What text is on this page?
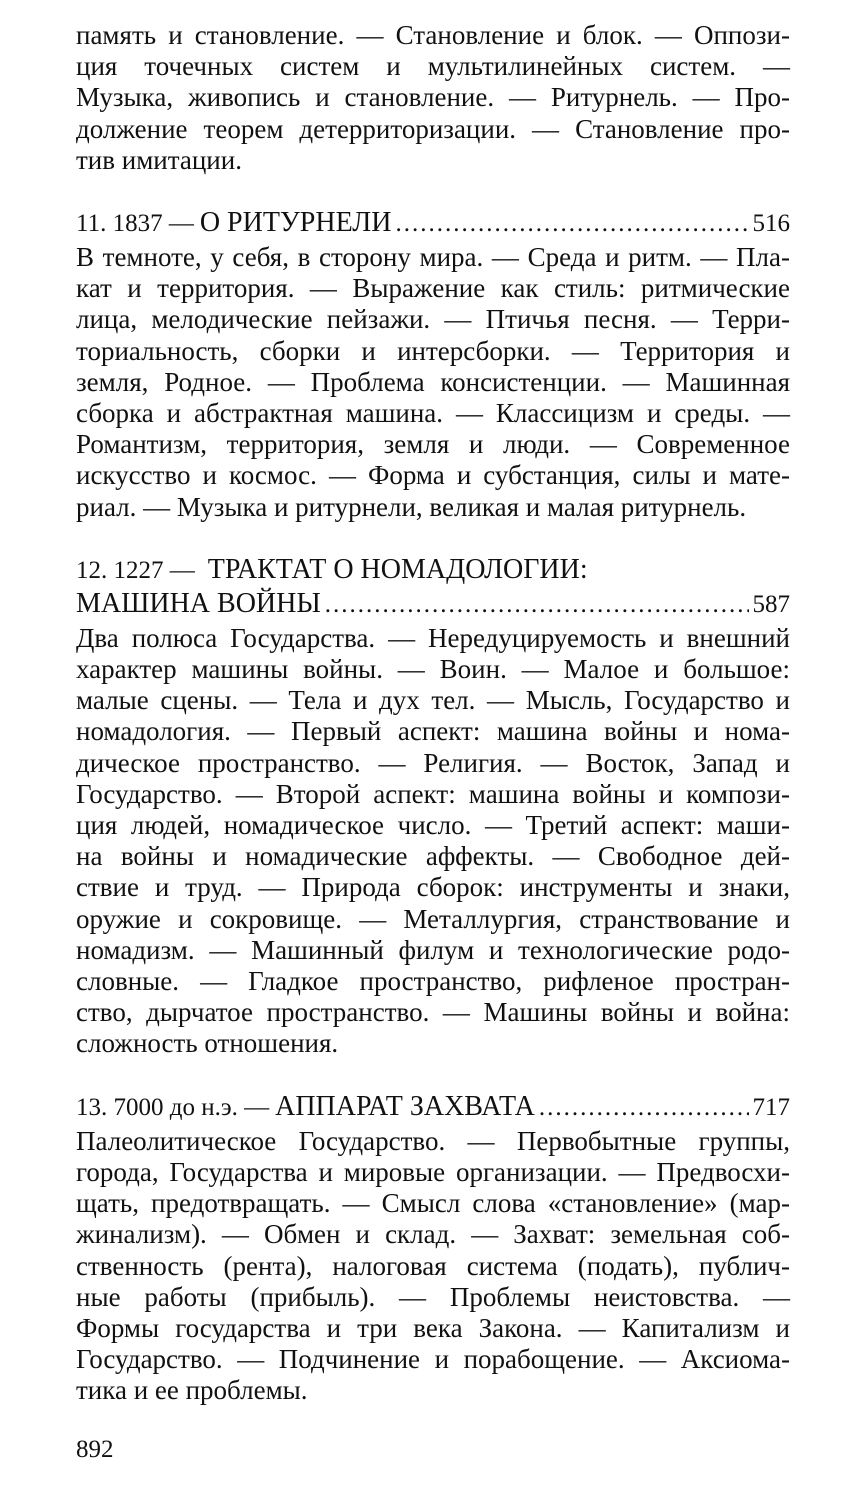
память и становление. — Становление и блок. — Оппози-
ция точечных систем и мультилинейных систем. —
Музыка, живопись и становление. — Ритурнель. — Про-
должение теорем детерриторизации. — Становление про-
тив имитации.

11. 1837 — О РИТУРНЕЛИ .....	516

В темноте, у себя, в сторону мира. — Среда и ритм. — Пла-
кат и территория. — Выражение как стиль: ритмические
лица, мелодические пейзажи. — Птичья песня. — Терри-
ториальность, сборки и интерсборки. — Территория и
земля, Родное. — Проблема консистенции. — Машинная
сборка и абстрактная машина. — Классицизм и среды. —
Романтизм, территория, земля и люди. — Современное
искусство и космос. — Форма и субстанция, силы и мате-
риал. — Музыка и ритурнели, великая и малая ритурнель.

12. 1227 — ТРАКТАТ О НОМАДОЛОГИИ:
МАШИНА ВОЙНЫ .....	587

Два полюса Государства. — Нередуцируемость и внешний
характер машины войны. — Воин. — Малое и большое:
малые сцены. — Тела и дух тел. — Мысль, Государство и
номадология. — Первый аспект: машина войны и нома-
дическое пространство. — Религия. — Восток, Запад и
Государство. — Второй аспект: машина войны и компози-
ция людей, номадическое число. — Третий аспект: маши-
на войны и номадические аффекты. — Свободное дей-
ствие и труд. — Природа сборок: инструменты и знаки,
оружие и сокровище. — Металлургия, странствование и
номадизм. — Машинный филум и технологические родо-
словные. — Гладкое пространство, рифленое простран-
ство, дырчатое пространство. — Машины войны и война:
сложность отношения.

13. 7000 до н.э. — АППАРАТ ЗАХВАТА .....	717

Палеолитическое Государство. — Первобытные группы,
города, Государства и мировые организации. — Предвосхи-
щать, предотвращать. — Смысл слова «становление» (мар-
жинализм). — Обмен и склад. — Захват: земельная соб-
ственность (рента), налоговая система (подать), публич-
ные работы (прибыль). — Проблемы неистовства. —
Формы государства и три века Закона. — Капитализм и
Государство. — Подчинение и порабощение. — Аксиома-
тика и ее проблемы.

892
